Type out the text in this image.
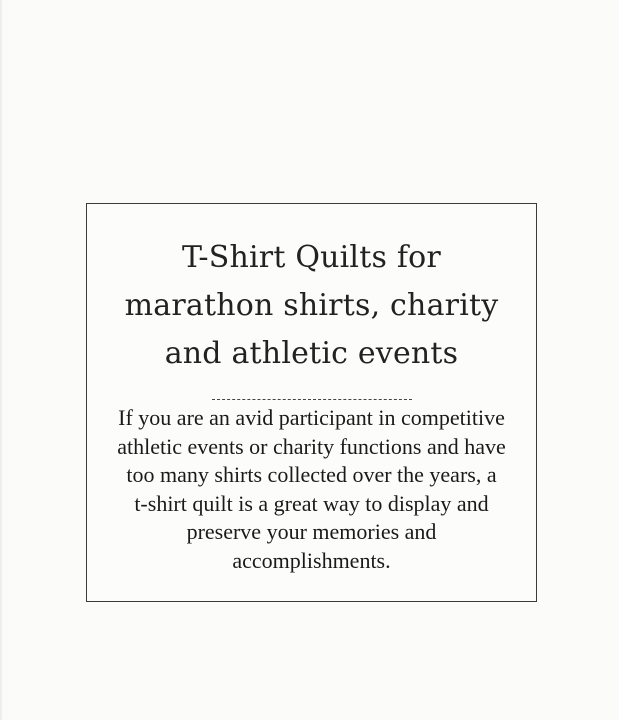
T-Shirt Quilts for
marathon shirts, charity
and athletic events
If you are an avid participant in competitive
athletic events or charity functions and have
too many shirts collected over the years, a
t-shirt quilt is a great way to display and
preserve your memories and
accomplishments.
